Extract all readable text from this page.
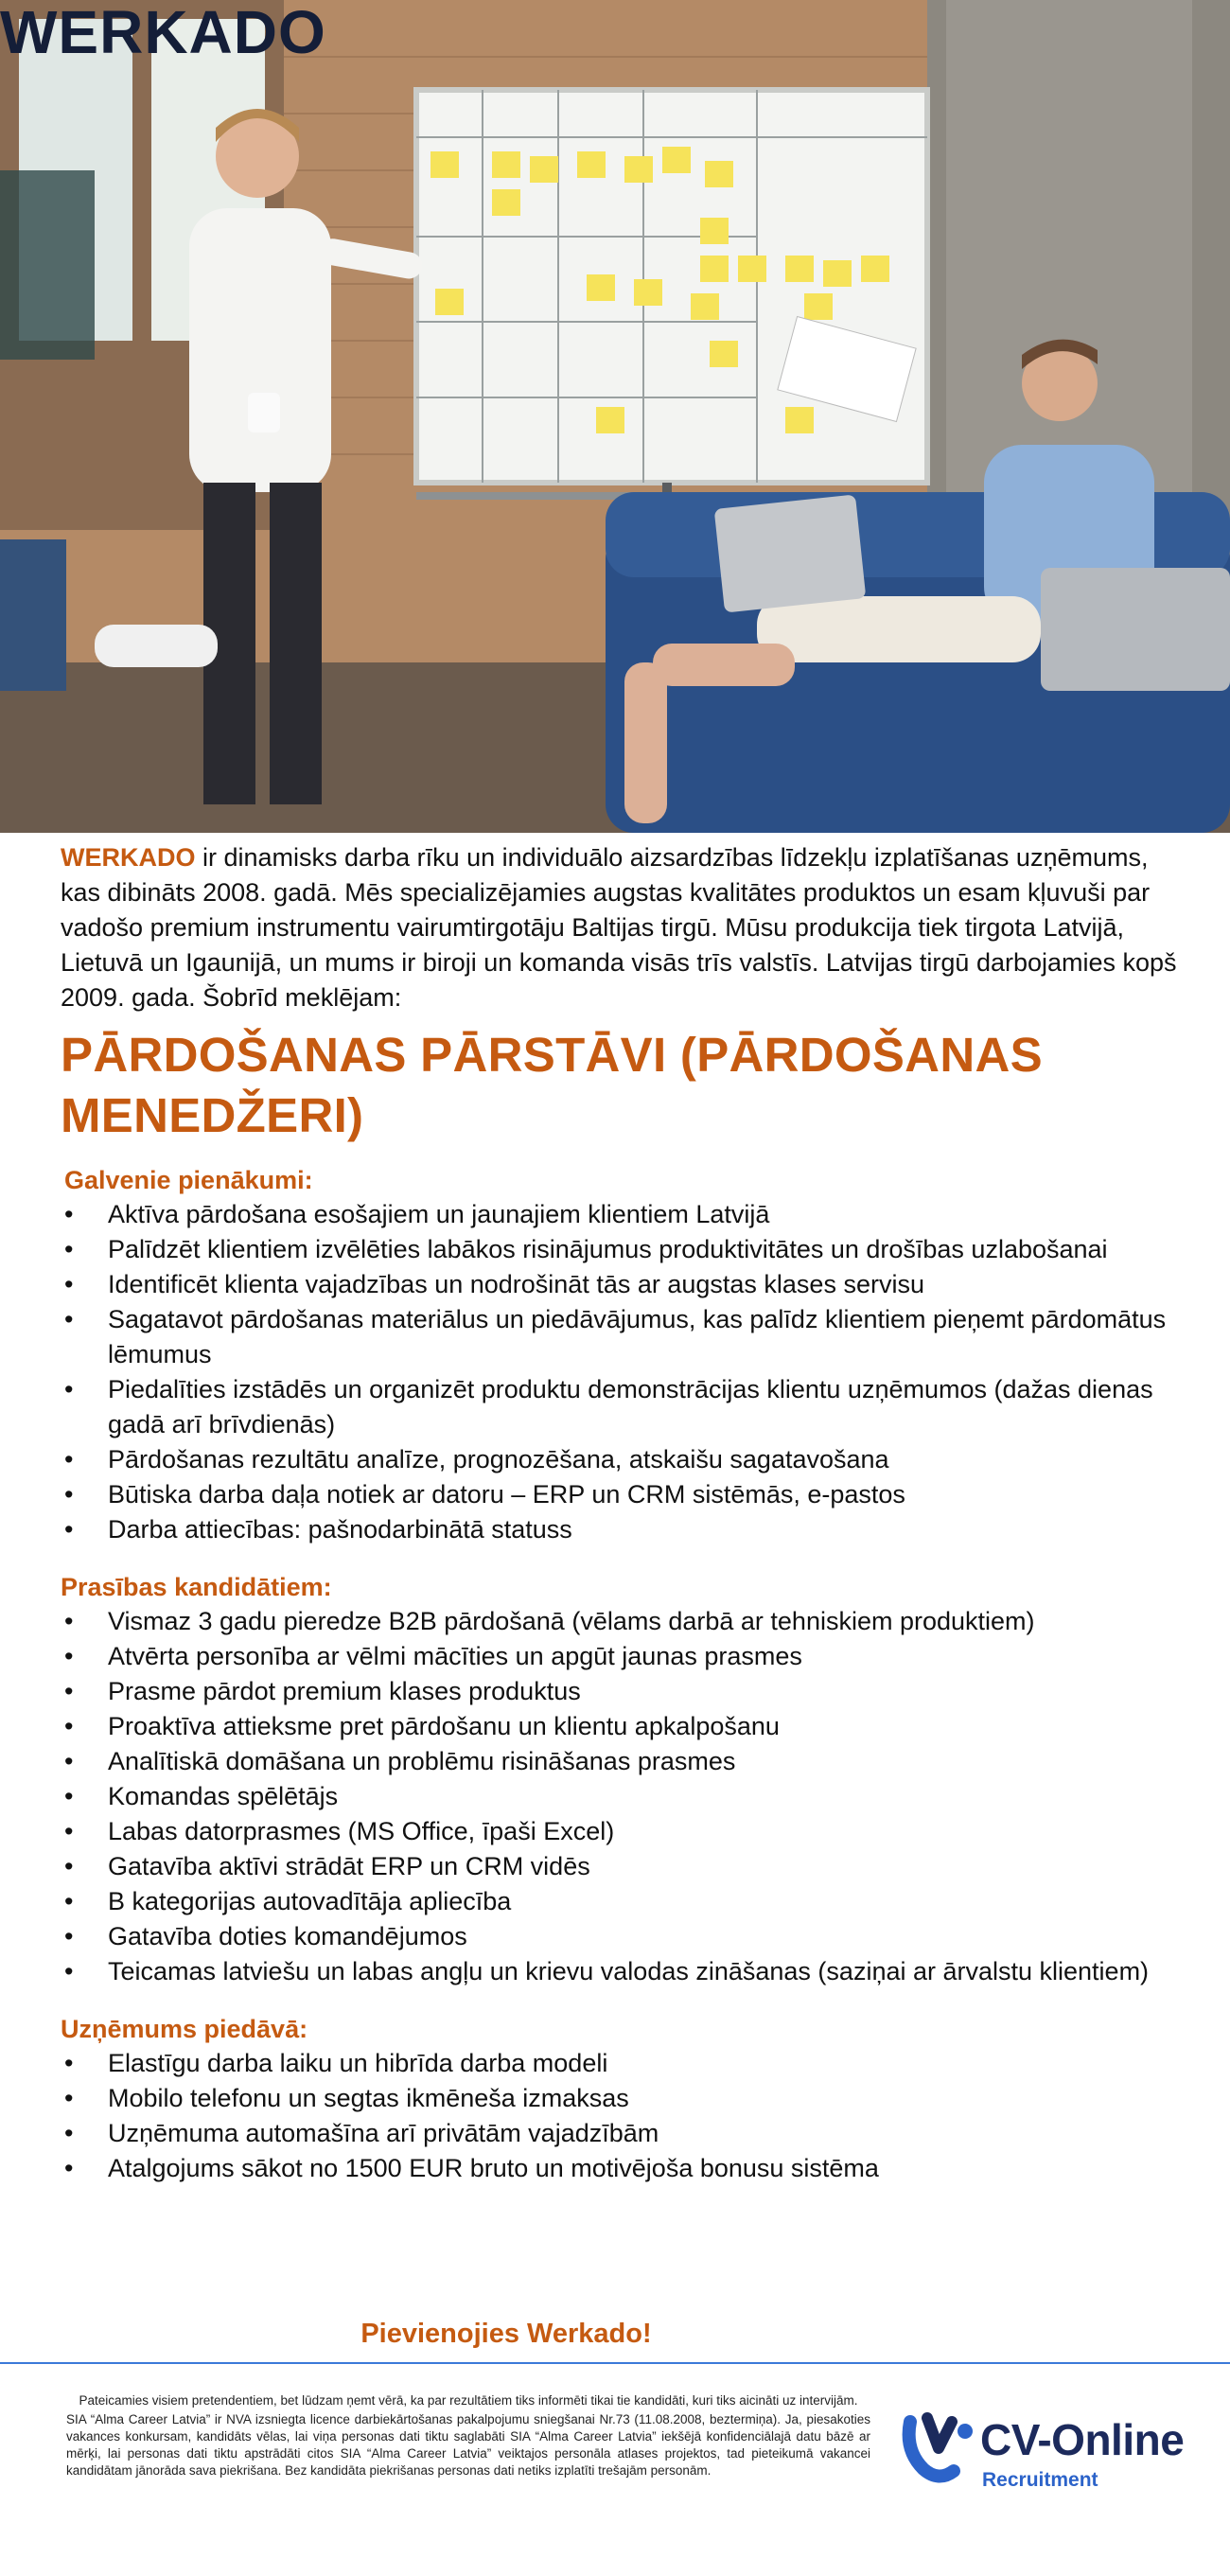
WERKADO

WERKADO ir dinamisks darba rīku un individuālo aizsardzības līdzekļu izplatīšanas uzņēmums, kas dibināts 2008. gadā. Mēs specializējamies augstas kvalitātes produktos un esam kļuvuši par vadošo premium instrumentu vairumtirgotāju Baltijas tirgū. Mūsu produkcija tiek tirgota Latvijā, Lietuvā un Igaunijā, un mums ir biroji un komanda visās trīs valstīs. Latvijas tirgū darbojamies kopš 2009. gada. Šobrīd meklējam:

PĀRDOŠANAS PĀRSTĀVI (PĀRDOŠANAS MENEDŽERI)
Galvenie pienākumi:
• Aktīva pārdošana esošajiem un jaunajiem klientiem Latvijā
• Palīdzēt klientiem izvēlēties labākos risinājumus produktivitātes un drošības uzlabošanai
• Identificēt klienta vajadzības un nodrošināt tās ar augstas klases servisu
• Sagatavot pārdošanas materiālus un piedāvājumus, kas palīdz klientiem pieņemt pārdomātus lēmumus
• Piedalīties izstādēs un organizēt produktu demonstrācijas klientu uzņēmumos (dažas dienas gadā arī brīvdienās)
• Pārdošanas rezultātu analīze, prognozēšana, atskaišu sagatavošana
• Būtiska darba daļa notiek ar datoru – ERP un CRM sistēmās, e-pastos
• Darba attiecības: pašnodarbinātā statuss
Prasības kandidātiem:
• Vismaz 3 gadu pieredze B2B pārdošanā (vēlams darbā ar tehniskiem produktiem)
• Atvērta personība ar vēlmi mācīties un apgūt jaunas prasmes
• Prasme pārdot premium klases produktus
• Proaktīva attieksme pret pārdošanu un klientu apkalpošanu
• Analītiskā domāšana un problēmu risināšanas prasmes
• Komandas spēlētājs
• Labas datorprasmes (MS Office, īpaši Excel)
• Gatavība aktīvi strādāt ERP un CRM vidēs
• B kategorijas autovadītāja apliecība
• Gatavība doties komandējumos
• Teicamas latviešu un labas angļu un krievu valodas zināšanas (saziņai ar ārvalstu klientiem)
Uzņēmums piedāvā:
• Elastīgu darba laiku un hibrīda darba modeli
• Mobilo telefonu un segtas ikmēneša izmaksas
• Uzņēmuma automašīna arī privātām vajadzībām
• Atalgojums sākot no 1500 EUR bruto un motivējoša bonusu sistēma
Pievienojies Werkado!

Pateicamies visiem pretendentiem, bet lūdzam ņemt vērā, ka par rezultātiem tiks informēti tikai tie kandidāti, kuri tiks aicināti uz intervijām.

SIA “Alma Career Latvia” ir NVA izsniegta licence darbiekārtošanas pakalpojumu sniegšanai Nr.73 (11.08.2008, beztermiņa). Ja, piesakoties vakances konkursam, kandidāts vēlas, lai viņa personas dati tiktu saglabāti SIA “Alma Career Latvia” iekšējā konfidenciālajā datu bāzē ar mērķi, lai personas dati tiktu apstrādāti citos SIA “Alma Career Latvia” veiktajos personāla atlases projektos, tad pieteikumā vakancei kandidātam jānorāda sava piekrišana. Bez kandidāta piekrišanas personas dati netiks izplatīti trešajām personām.

CV-Online
Recruitment
